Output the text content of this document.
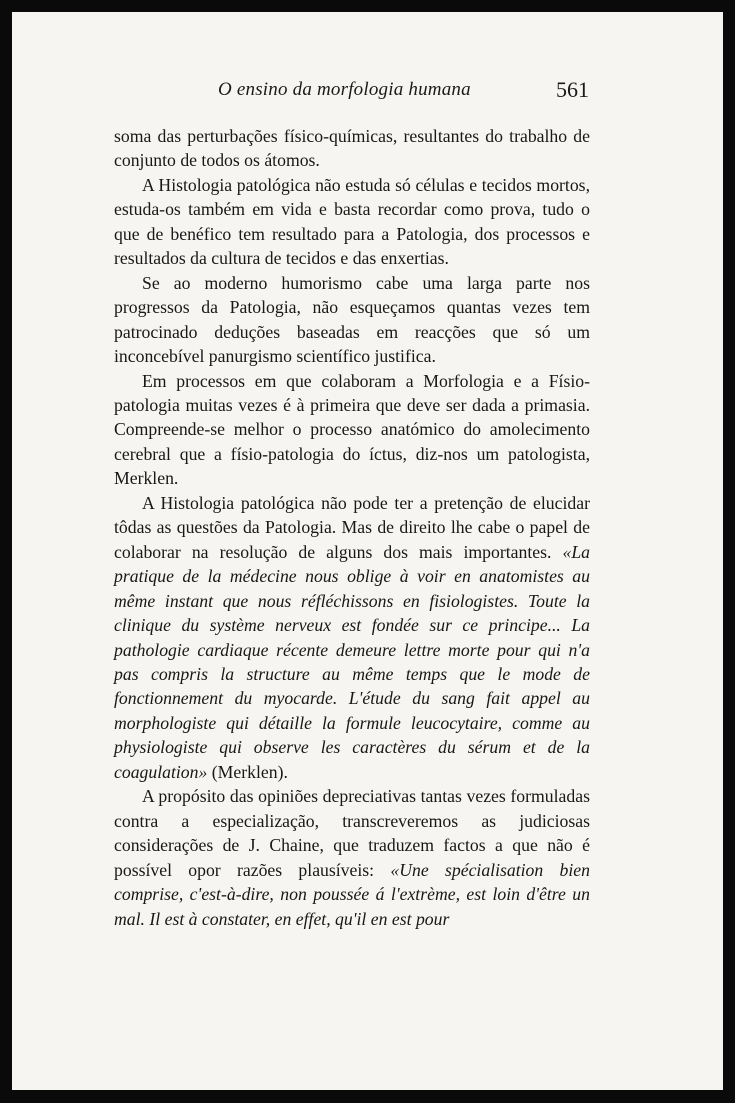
O ensino da morfologia humana	561

soma das perturbações físico-químicas, resultantes do trabalho de conjunto de todos os átomos.

A Histologia patológica não estuda só células e tecidos mortos, estuda-os também em vida e basta recordar como prova, tudo o que de benéfico tem resultado para a Patologia, dos processos e resultados da cultura de tecidos e das enxertias.

Se ao moderno humorismo cabe uma larga parte nos progressos da Patologia, não esqueçamos quantas vezes tem patrocinado deduções baseadas em reacções que só um inconcebível panurgismo scientífico justifica.

Em processos em que colaboram a Morfologia e a Físio-patologia muitas vezes é à primeira que deve ser dada a primasia. Compreende-se melhor o processo anatómico do amolecimento cerebral que a físio-patologia do íctus, diz-nos um patologista, Merklen.

A Histologia patológica não pode ter a pretenção de elucidar tôdas as questões da Patologia. Mas de direito lhe cabe o papel de colaborar na resolução de alguns dos mais importantes. «La pratique de la médecine nous oblige à voir en anatomistes au même instant que nous réfléchissons en fisiologistes. Toute la clinique du système nerveux est fondée sur ce principe... La pathologie cardiaque récente demeure lettre morte pour qui n'a pas compris la structure au même temps que le mode de fonctionnement du myocarde. L'étude du sang fait appel au morphologiste qui détaille la formule leucocytaire, comme au physiologiste qui observe les caractères du sérum et de la coagulation» (Merklen).

A propósito das opiniões depreciativas tantas vezes formuladas contra a especialização, transcreveremos as judiciosas considerações de J. Chaine, que traduzem factos a que não é possível opor razões plausíveis: «Une spécialisation bien comprise, c'est-à-dire, non poussée á l'extrème, est loin d'être un mal. Il est à constater, en effet, qu'il en est pour
